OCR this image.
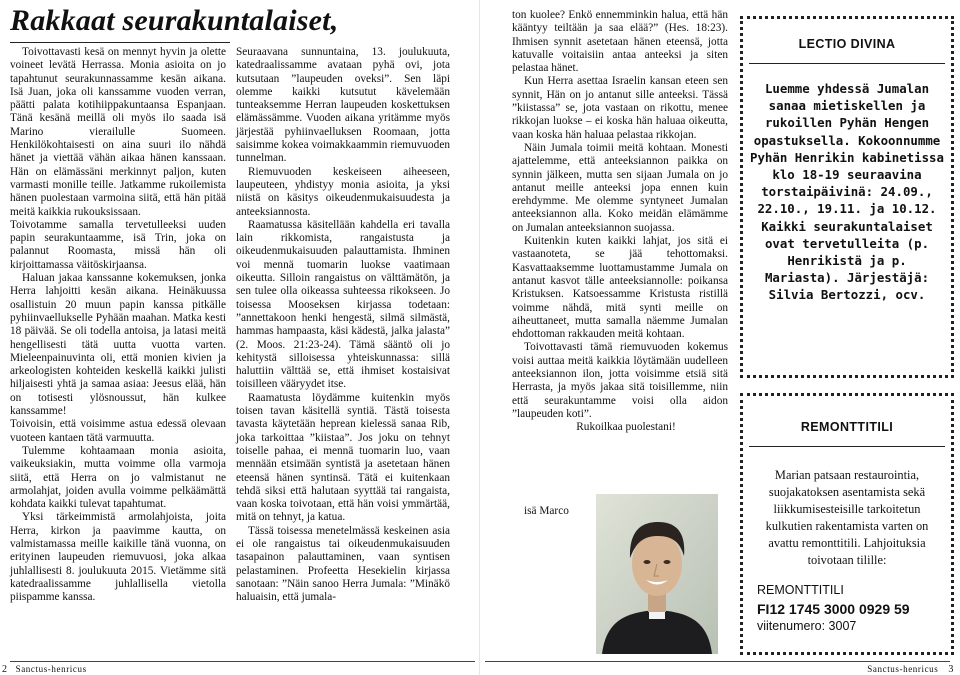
Rakkaat seurakuntalaiset,

Toivottavasti kesä on mennyt hyvin ja olette voineet levätä Herrassa. Monia asioita on jo tapahtunut seurakunnassamme kesän aikana. Isä Juan, joka oli kanssamme vuoden verran, päätti palata kotihiippakuntaansa Espanjaan. Tänä kesänä meillä oli myös ilo saada isä Marino vierailulle Suomeen. Henkilökohtaisesti on aina suuri ilo nähdä hänet ja viettää vähän aikaa hänen kanssaan. Hän on elämässäni merkinnyt paljon, kuten varmasti monille teille. Jatkamme rukoilemista hänen puolestaan varmoina siitä, että hän pitää meitä kaikkia rukouksissaan.

Toivotamme samalla tervetulleeksi uuden papin seurakuntaamme, isä Trin, joka on palannut Roomasta, missä hän oli kirjoittamassa väitöskirjaansa.

Haluan jakaa kanssanne kokemuksen, jonka Herra lahjoitti kesän aikana. Heinäkuussa osallistuin 20 muun papin kanssa pitkälle pyhiinvaellukselle Pyhään maahan. Matka kesti 18 päivää. Se oli todella antoisa, ja latasi meitä hengellisesti tätä uutta vuotta varten. Mieleenpainuvinta oli, että monien kivien ja arkeologisten kohteiden keskellä kaikki julisti hiljaisesti yhtä ja samaa asiaa: Jeesus elää, hän on totisesti ylösnoussut, hän kulkee kanssamme!

Toivoisin, että voisimme astua edessä olevaan vuoteen kantaen tätä varmuutta.

Tulemme kohtaamaan monia asioita, vaikeuksiakin, mutta voimme olla varmoja siitä, että Herra on jo valmistanut ne armolahjat, joiden avulla voimme pelkäämättä kohdata kaikki tulevat tapahtumat.

Yksi tärkeimmistä armolahjoista, joita Herra, kirkon ja paavimme kautta, on valmistamassa meille kaikille tänä vuonna, on erityinen laupeuden riemuvuosi, joka alkaa juhlallisesti 8. joulukuuta 2015. Vietämme sitä katedraalissamme juhlallisella vietolla piispamme kanssa.

Seuraavana sunnuntaina, 13. joulukuuta, katedraalissamme avataan pyhä ovi, jota kutsutaan ”laupeuden oveksi”. Sen läpi olemme kaikki kutsutut kävelemään tunteaksemme Herran laupeuden koskettuksen elämässämme. Vuoden aikana yritämme myös järjestää pyhiinvaelluksen Roomaan, jotta saisimme kokea voimakkaammin riemuvuoden tunnelman.

Riemuvuoden keskeiseen aiheeseen, laupeuteen, yhdistyy monia asioita, ja yksi niistä on käsitys oikeudenmukaisuudesta ja anteeksiannosta.

Raamatussa käsitellään kahdella eri tavalla lain rikkomista, rangaistusta ja oikeudenmukaisuuden palauttamista. Ihminen voi mennä tuomarin luokse vaatimaan oikeutta. Silloin rangaistus on välttämätön, ja sen tulee olla oikeassa suhteessa rikokseen. Jo toisessa Mooseksen kirjassa todetaan: ”annettakoon henki hengestä, silmä silmästä, hammas hampaasta, käsi kädestä, jalka jalasta” (2. Moos. 21:23-24). Tämä sääntö oli jo kehitystä silloisessa yhteiskunnassa: sillä haluttiin välttää se, että ihmiset kostaisivat toisilleen vääryydet itse.

Raamatusta löydämme kuitenkin myös toisen tavan käsitellä syntiä. Tästä toisesta tavasta käytetään heprean kielessä sanaa Rib, joka tarkoittaa ”kiistaa”. Jos joku on tehnyt toiselle pahaa, ei mennä tuomarin luo, vaan mennään etsimään syntistä ja asetetaan hänen eteensä hänen syntinsä. Tätä ei kuitenkaan tehdä siksi että halutaan syyttää tai rangaista, vaan koska toivotaan, että hän voisi ymmärtää, mitä on tehnyt, ja katua.

Tässä toisessa menetelmässä keskeinen asia ei ole rangaistus tai oikeudenmukaisuuden tasapainon palauttaminen, vaan syntisen pelastaminen. Profeetta Hesekielin kirjassa sanotaan: ”Näin sanoo Herra Jumala: ”Minäkö haluaisin, että jumala-

2 Sanctus-henricus	Sanctus-henricus 3

ton kuolee? Enkö ennemminkin halua, että hän kääntyy teiltään ja saa elää?” (Hes. 18:23). Ihmisen synnit asetetaan hänen eteensä, jotta katuvalle voitaisiin antaa anteeksi ja siten pelastaa hänet.

Kun Herra asettaa Israelin kansan eteen sen synnit, Hän on jo antanut sille anteeksi. Tässä ”kiistassa” se, jota vastaan on rikottu, menee rikkojan luokse – ei koska hän haluaa oikeutta, vaan koska hän haluaa pelastaa rikkojan.

Näin Jumala toimii meitä kohtaan. Monesti ajattelemme, että anteeksiannon paikka on synnin jälkeen, mutta sen sijaan Jumala on jo antanut meille anteeksi jopa ennen kuin erehdymme. Me olemme syntyneet Jumalan anteeksiannon alla. Koko meidän elämämme on Jumalan anteeksiannon suojassa.

Kuitenkin kuten kaikki lahjat, jos sitä ei vastaanoteta, se jää tehottomaksi. Kasvattaaksemme luottamustamme Jumala on antanut kasvot tälle anteeksiannolle: poikansa Kristuksen. Katsoessamme Kristusta ristillä voimme nähdä, mitä synti meille on aiheuttaneet, mutta samalla näemme Jumalan ehdottoman rakkauden meitä kohtaan.

Toivottavasti tämä riemuvuoden kokemus voisi auttaa meitä kaikkia löytämään uudelleen anteeksiannon ilon, jotta voisimme etsiä sitä Herrasta, ja myös jakaa sitä toisillemme, niin että seurakuntamme voisi olla aidon ”laupeuden koti”.

Rukoilkaa puolestani!

isä Marco
LECTIO DIVINA
Luemme yhdessä Jumalan sanaa mietiskellen ja rukoillen Pyhän Hengen opastuksella. Kokoonnumme Pyhän Henrikin kabinetissa klo 18-19 seuraavina torstaipäivinä: 24.09., 22.10., 19.11. ja 10.12. Kaikki seurakuntalaiset ovat tervetulleita (p. Henrikistä ja p. Mariasta). Järjestäjä: Silvia Bertozzi, ocv.
REMONTTITILI
Marian patsaan restaurointia, suojakatoksen asentamista sekä liikkumisesteisille tarkoitetun kulkutien rakentamista varten on avattu remonttitili. Lahjoituksia toivotaan tilille:
REMONTTITILI
FI12 1745 3000 0929 59
viitenumero: 3007
